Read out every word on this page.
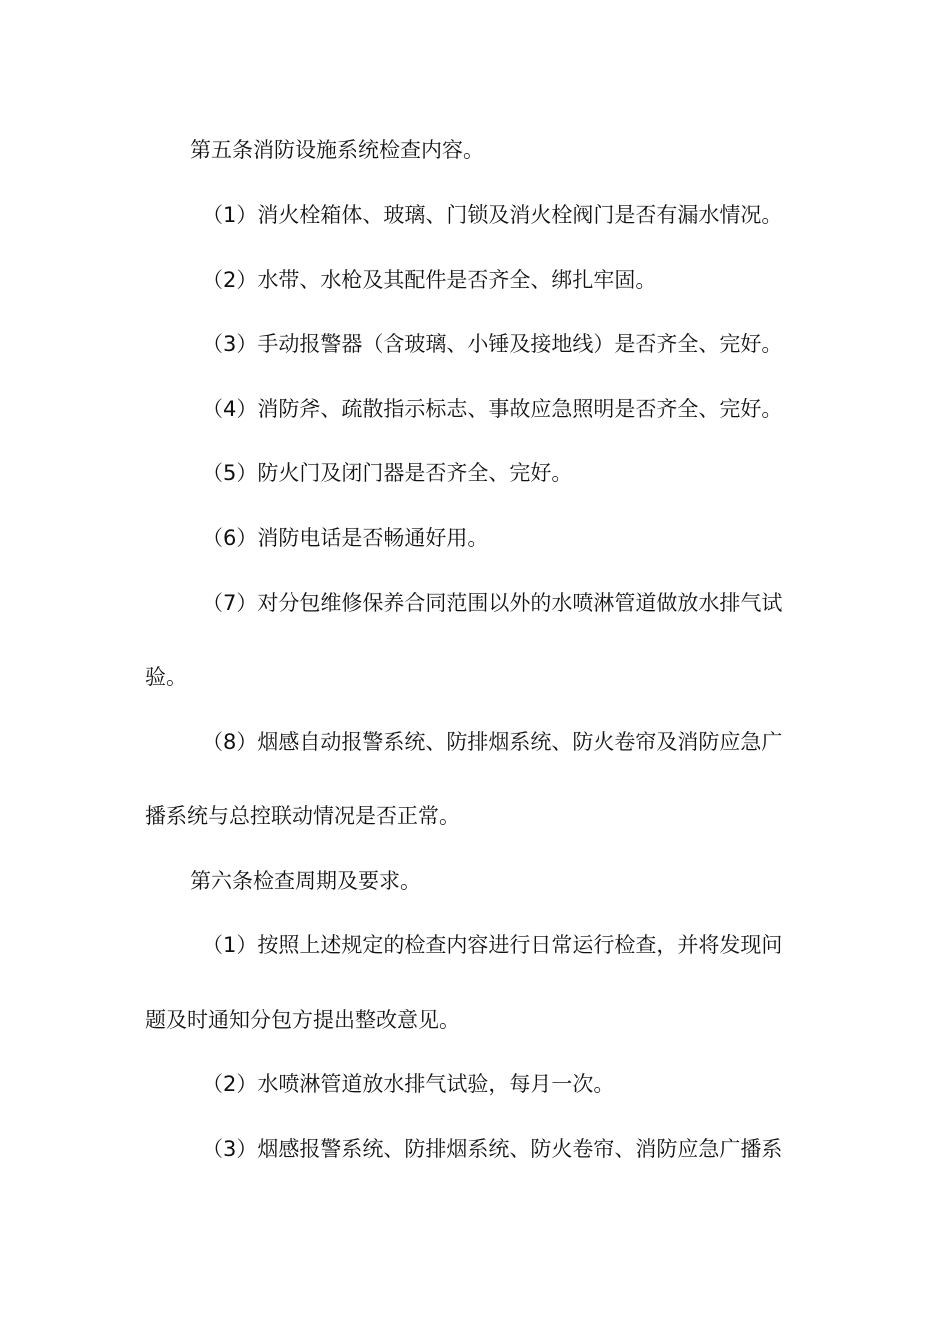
第五条消防设施系统检查内容。
（1）消火栓箱体、玻璃、门锁及消火栓阀门是否有漏水情况。
（2）水带、水枪及其配件是否齐全、绑扎牢固。
（3）手动报警器（含玻璃、小锤及接地线）是否齐全、完好。
（4）消防斧、疏散指示标志、事故应急照明是否齐全、完好。
（5）防火门及闭门器是否齐全、完好。
（6）消防电话是否畅通好用。
（7）对分包维修保养合同范围以外的水喷淋管道做放水排气试
验。
（8）烟感自动报警系统、防排烟系统、防火卷帘及消防应急广
播系统与总控联动情况是否正常。
第六条检查周期及要求。
（1）按照上述规定的检查内容进行日常运行检查，并将发现问
题及时通知分包方提出整改意见。
（2）水喷淋管道放水排气试验，每月一次。
（3）烟感报警系统、防排烟系统、防火卷帘、消防应急广播系
